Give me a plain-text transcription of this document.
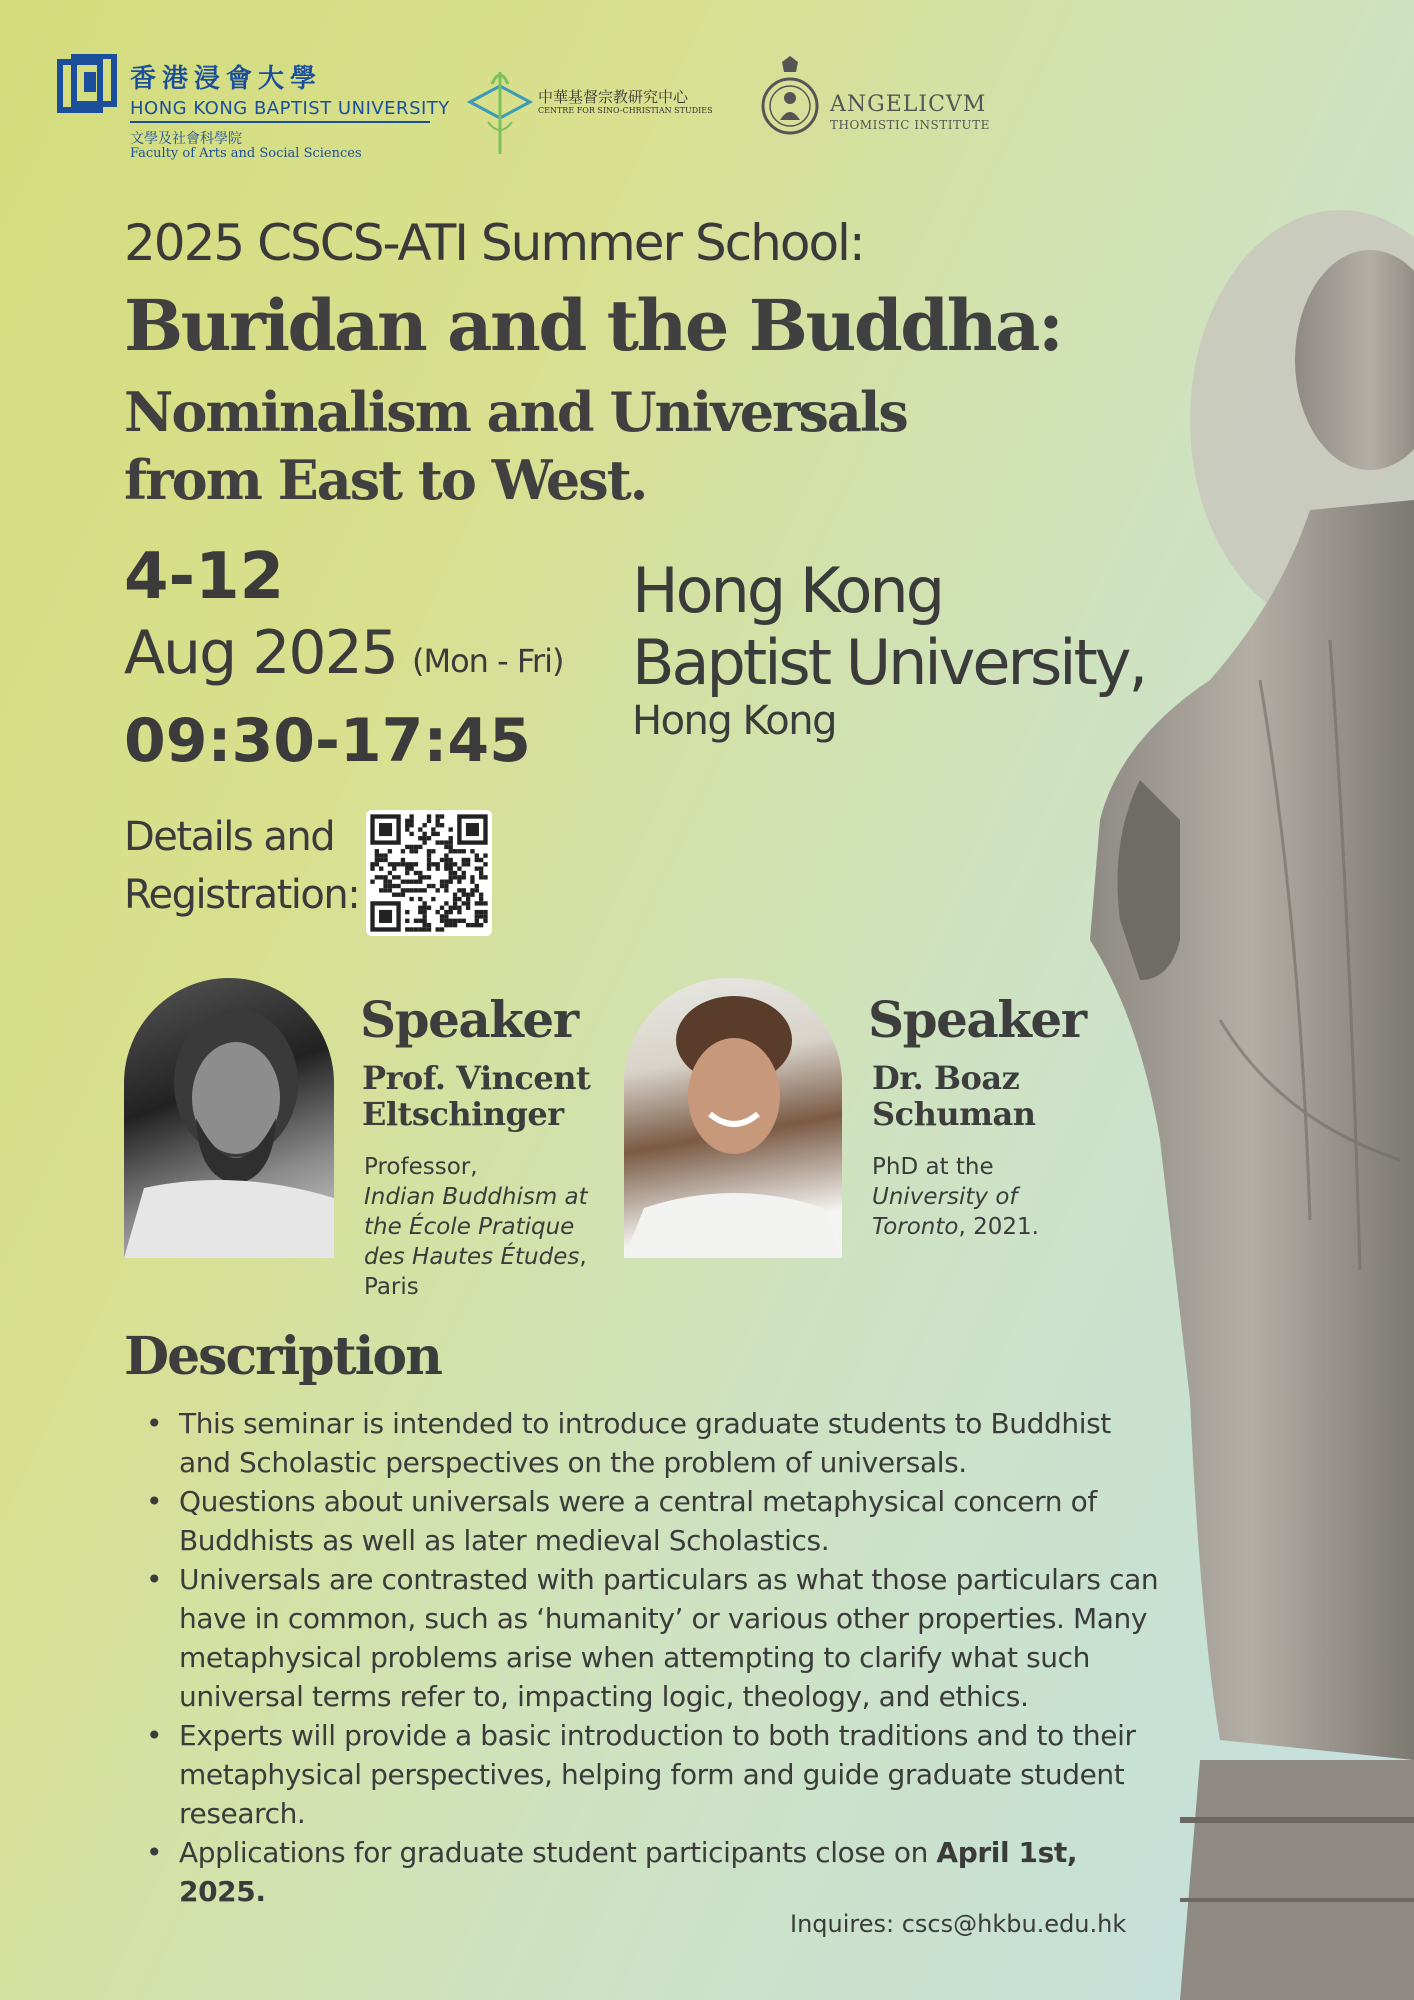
香港浸會大學
HONG KONG BAPTIST UNIVERSITY
文學及社會科學院
Faculty of Arts and Social Sciences
中華基督宗教研究中心
CENTRE FOR SINO-CHRISTIAN STUDIES	ANGELICVM
THOMISTIC INSTITUTE
2025 CSCS-ATI Summer School:
Buridan and the Buddha:
Nominalism and Universals
from East to West.
4-12
Aug 2025 (Mon - Fri)
09:30-17:45
Hong Kong
Baptist University,
Hong Kong
Details and
Registration:
Speaker
Prof. Vincent
Eltschinger
Professor,
Indian Buddhism at
the École Pratique
des Hautes Études,
Paris
Speaker
Dr. Boaz
Schuman
PhD at the
University of
Toronto, 2021.
Description
• This seminar is intended to introduce graduate students to Buddhist and Scholastic perspectives on the problem of universals.
• Questions about universals were a central metaphysical concern of Buddhists as well as later medieval Scholastics.
• Universals are contrasted with particulars as what those particulars can have in common, such as ‘humanity’ or various other properties. Many metaphysical problems arise when attempting to clarify what such universal terms refer to, impacting logic, theology, and ethics.
• Experts will provide a basic introduction to both traditions and to their metaphysical perspectives, helping form and guide graduate student research.
• Applications for graduate student participants close on April 1st, 2025.
Inquires: cscs@hkbu.edu.hk
